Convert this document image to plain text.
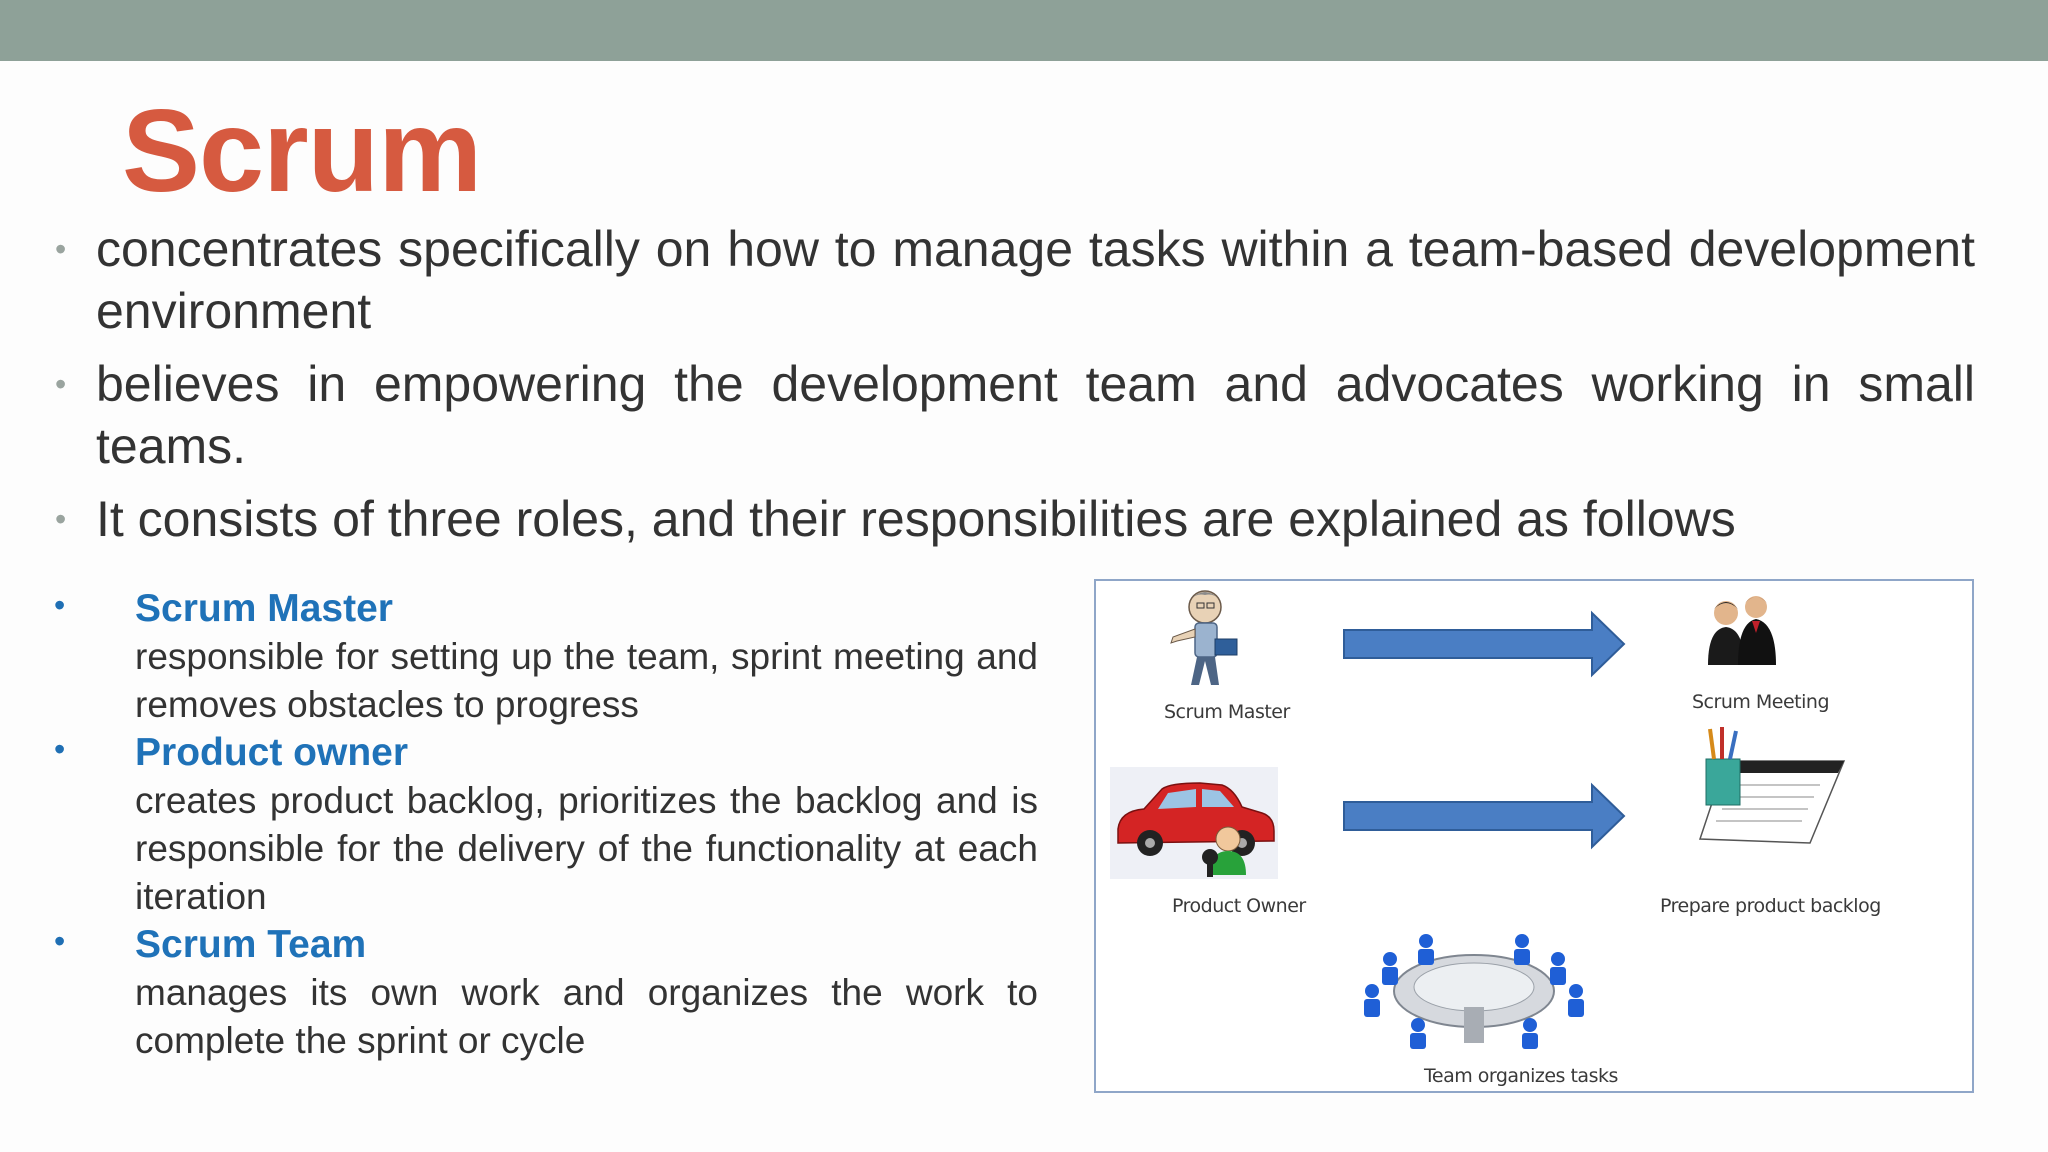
Scrum
• concentrates specifically on how to manage tasks within a team-based development environment
• believes in empowering the development team and advocates working in small teams.
• It consists of three roles, and their responsibilities are explained as follows
• Scrum Master
responsible for setting up the team, sprint meeting and removes obstacles to progress
• Product owner
creates product backlog, prioritizes the backlog and is responsible for the delivery of the functionality at each iteration
• Scrum Team
manages its own work and organizes the work to complete the sprint or cycle
Scrum Master	Scrum Meeting
Product Owner	Prepare product backlog
Team organizes tasks
